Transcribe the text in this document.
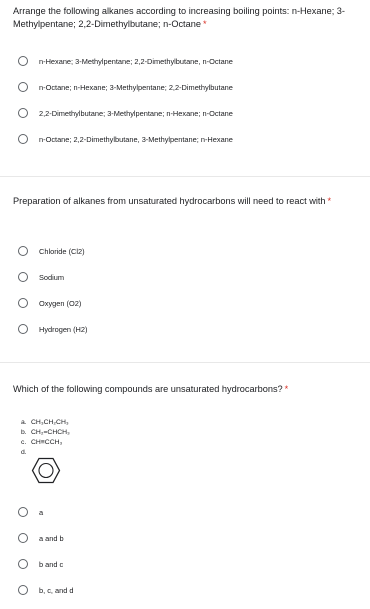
Arrange the following alkanes according to increasing boiling points: n-Hexane; 3-Methylpentane; 2,2-Dimethylbutane; n-Octane *
n-Hexane; 3-Methylpentane; 2,2-Dimethylbutane, n-Octane
n-Octane; n-Hexane; 3-Methylpentane; 2,2-Dimethylbutane
2,2-Dimethylbutane; 3-Methylpentane; n-Hexane; n-Octane
n-Octane; 2,2-Dimethylbutane, 3-Methylpentane; n-Hexane
Preparation of alkanes from unsaturated hydrocarbons will need to react with *
Chloride (Cl2)
Sodium
Oxygen (O2)
Hydrogen (H2)
Which of the following compounds are unsaturated hydrocarbons? *
a. CH₃CH₂CH₃
b. CH₂=CHCH₃
c. CH≡CCH₃
d.
a
a and b
b and c
b, c, and d
